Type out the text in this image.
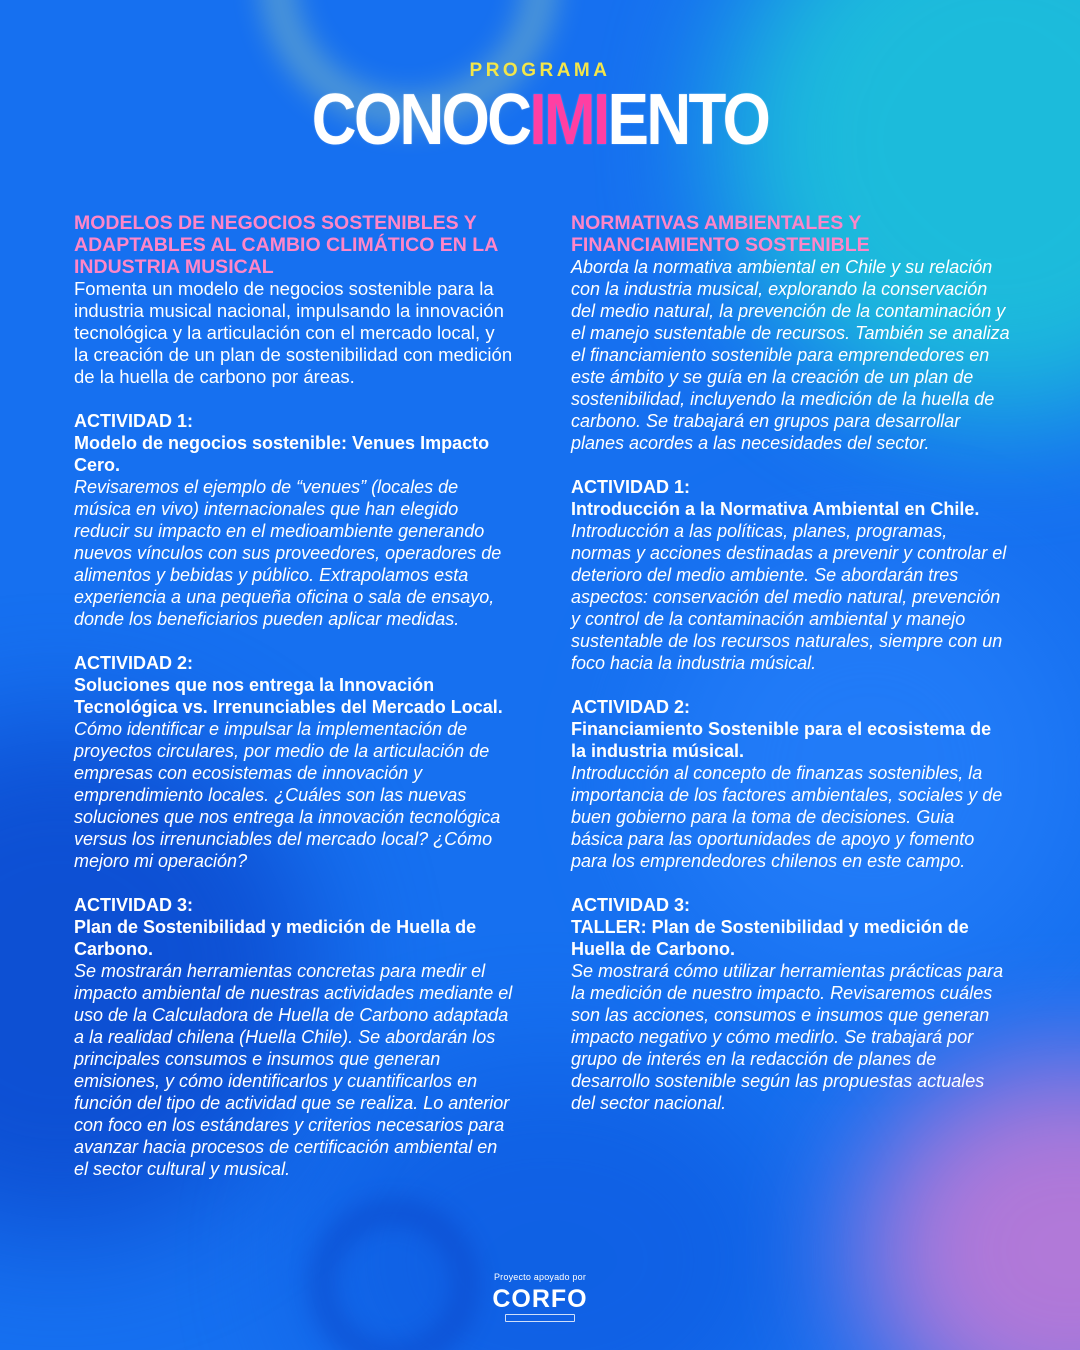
PROGRAMA
CONOCIMIENTO
MODELOS DE NEGOCIOS SOSTENIBLES Y ADAPTABLES AL CAMBIO CLIMÁTICO EN LA INDUSTRIA MUSICAL

Fomenta un modelo de negocios sostenible para la industria musical nacional, impulsando la innovación tecnológica y la articulación con el mercado local, y la creación de un plan de sostenibilidad con medición de la huella de carbono por áreas.

ACTIVIDAD 1:

Modelo de negocios sostenible: Venues Impacto Cero.

Revisaremos el ejemplo de “venues” (locales de música en vivo) internacionales que han elegido reducir su impacto en el medioambiente generando nuevos vínculos con sus proveedores, operadores de alimentos y bebidas y público. Extrapolamos esta experiencia a una pequeña oficina o sala de ensayo, donde los beneficiarios pueden aplicar medidas.

ACTIVIDAD 2:

Soluciones que nos entrega la Innovación Tecnológica vs. Irrenunciables del Mercado Local.

Cómo identificar e impulsar la implementación de proyectos circulares, por medio de la articulación de empresas con ecosistemas de innovación y emprendimiento locales. ¿Cuáles son las nuevas soluciones que nos entrega la innovación tecnológica versus los irrenunciables del mercado local? ¿Cómo mejoro mi operación?

ACTIVIDAD 3:

Plan de Sostenibilidad y medición de Huella de Carbono.

Se mostrarán herramientas concretas para medir el impacto ambiental de nuestras actividades mediante el uso de la Calculadora de Huella de Carbono adaptada a la realidad chilena (Huella Chile). Se abordarán los principales consumos e insumos que generan emisiones, y cómo identificarlos y cuantificarlos en función del tipo de actividad que se realiza. Lo anterior con foco en los estándares y criterios necesarios para avanzar hacia procesos de certificación ambiental en el sector cultural y musical.

NORMATIVAS AMBIENTALES Y FINANCIAMIENTO SOSTENIBLE

Aborda la normativa ambiental en Chile y su relación con la industria musical, explorando la conservación del medio natural, la prevención de la contaminación y el manejo sustentable de recursos. También se analiza el financiamiento sostenible para emprendedores en este ámbito y se guía en la creación de un plan de sostenibilidad, incluyendo la medición de la huella de carbono. Se trabajará en grupos para desarrollar planes acordes a las necesidades del sector.

ACTIVIDAD 1:

Introducción a la Normativa Ambiental en Chile.

Introducción a las políticas, planes, programas, normas y acciones destinadas a prevenir y controlar el deterioro del medio ambiente. Se abordarán tres aspectos: conservación del medio natural, prevención y control de la contaminación ambiental y manejo sustentable de los recursos naturales, siempre con un foco hacia la industria músical.

ACTIVIDAD 2:

Financiamiento Sostenible para el ecosistema de la industria músical.

Introducción al concepto de finanzas sostenibles, la importancia de los factores ambientales, sociales y de buen gobierno para la toma de decisiones. Guia básica para las oportunidades de apoyo y fomento para los emprendedores chilenos en este campo.

ACTIVIDAD 3:

TALLER: Plan de Sostenibilidad y medición de Huella de Carbono.

Se mostrará cómo utilizar herramientas prácticas para la medición de nuestro impacto. Revisaremos cuáles son las acciones, consumos e insumos que generan impacto negativo y cómo medirlo. Se trabajará por grupo de interés en la redacción de planes de desarrollo sostenible según las propuestas actuales del sector nacional.

Proyecto apoyado por
CORFO
